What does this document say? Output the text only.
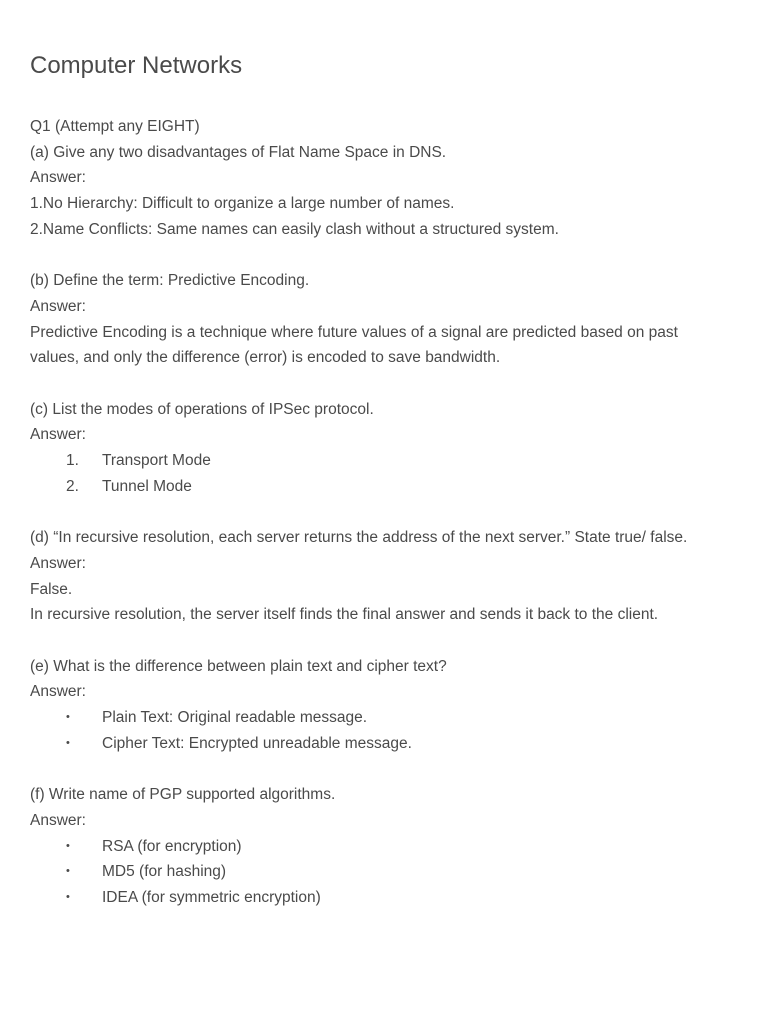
Computer Networks
Q1 (Attempt any EIGHT)
(a) Give any two disadvantages of Flat Name Space in DNS.
Answer:
1.No Hierarchy: Difficult to organize a large number of names.
2.Name Conflicts: Same names can easily clash without a structured system.
(b) Define the term: Predictive Encoding.
Answer:
Predictive Encoding is a technique where future values of a signal are predicted based on past values, and only the difference (error) is encoded to save bandwidth.
(c) List the modes of operations of IPSec protocol.
Answer:
1.	Transport Mode
2.	Tunnel Mode
(d) “In recursive resolution, each server returns the address of the next server.” State true/ false.
Answer:
False.
In recursive resolution, the server itself finds the final answer and sends it back to the client.
(e) What is the difference between plain text and cipher text?
Answer:
•	Plain Text: Original readable message.
•	Cipher Text: Encrypted unreadable message.
(f) Write name of PGP supported algorithms.
Answer:
•	RSA (for encryption)
•	MD5 (for hashing)
•	IDEA (for symmetric encryption)
